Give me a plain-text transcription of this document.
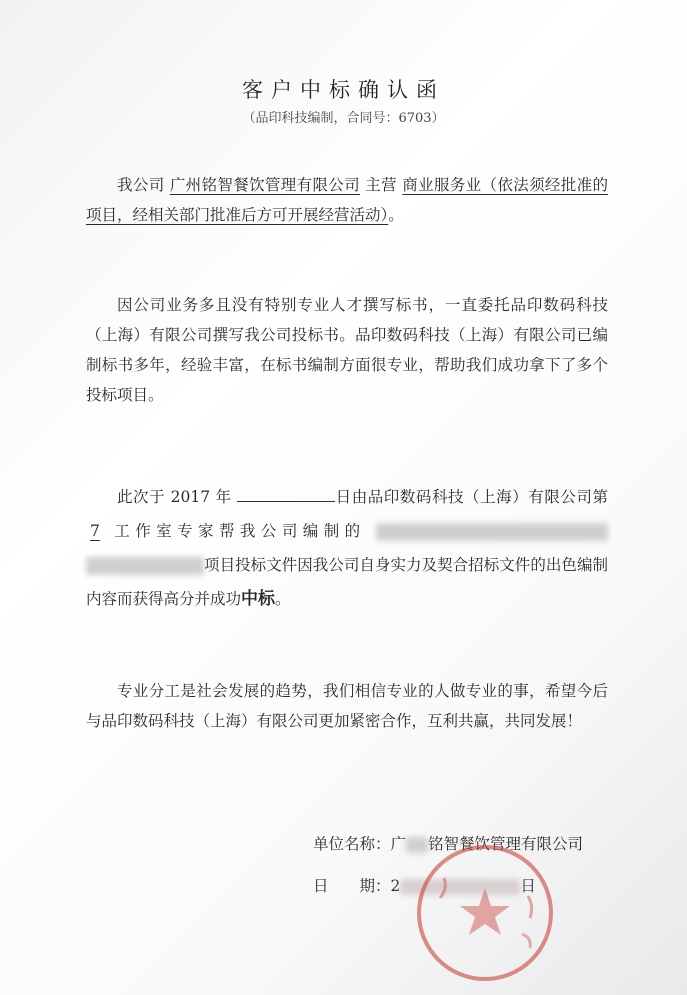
客户中标确认函
（品印科技编制，合同号：6703）
我公司 广州铭智餐饮管理有限公司 主营 商业服务业（依法须经批准的项目，经相关部门批准后方可开展经营活动）。
因公司业务多且没有特别专业人才撰写标书，一直委托品印数码科技（上海）有限公司撰写我公司投标书。品印数码科技（上海）有限公司已编制标书多年，经验丰富，在标书编制方面很专业，帮助我们成功拿下了多个投标项目。
此次于 2017 年	日由品印数码科技（上海）有限公司第 7 工作室专家帮我公司编制的  项目投标文件因我公司自身实力及契合招标文件的出色编制内容而获得高分并成功中标。
专业分工是社会发展的趋势，我们相信专业的人做专业的事，希望今后与品印数码科技（上海）有限公司更加紧密合作，互利共赢，共同发展！
单位名称：广 铭智餐饮管理有限公司
日　　期：2	日
